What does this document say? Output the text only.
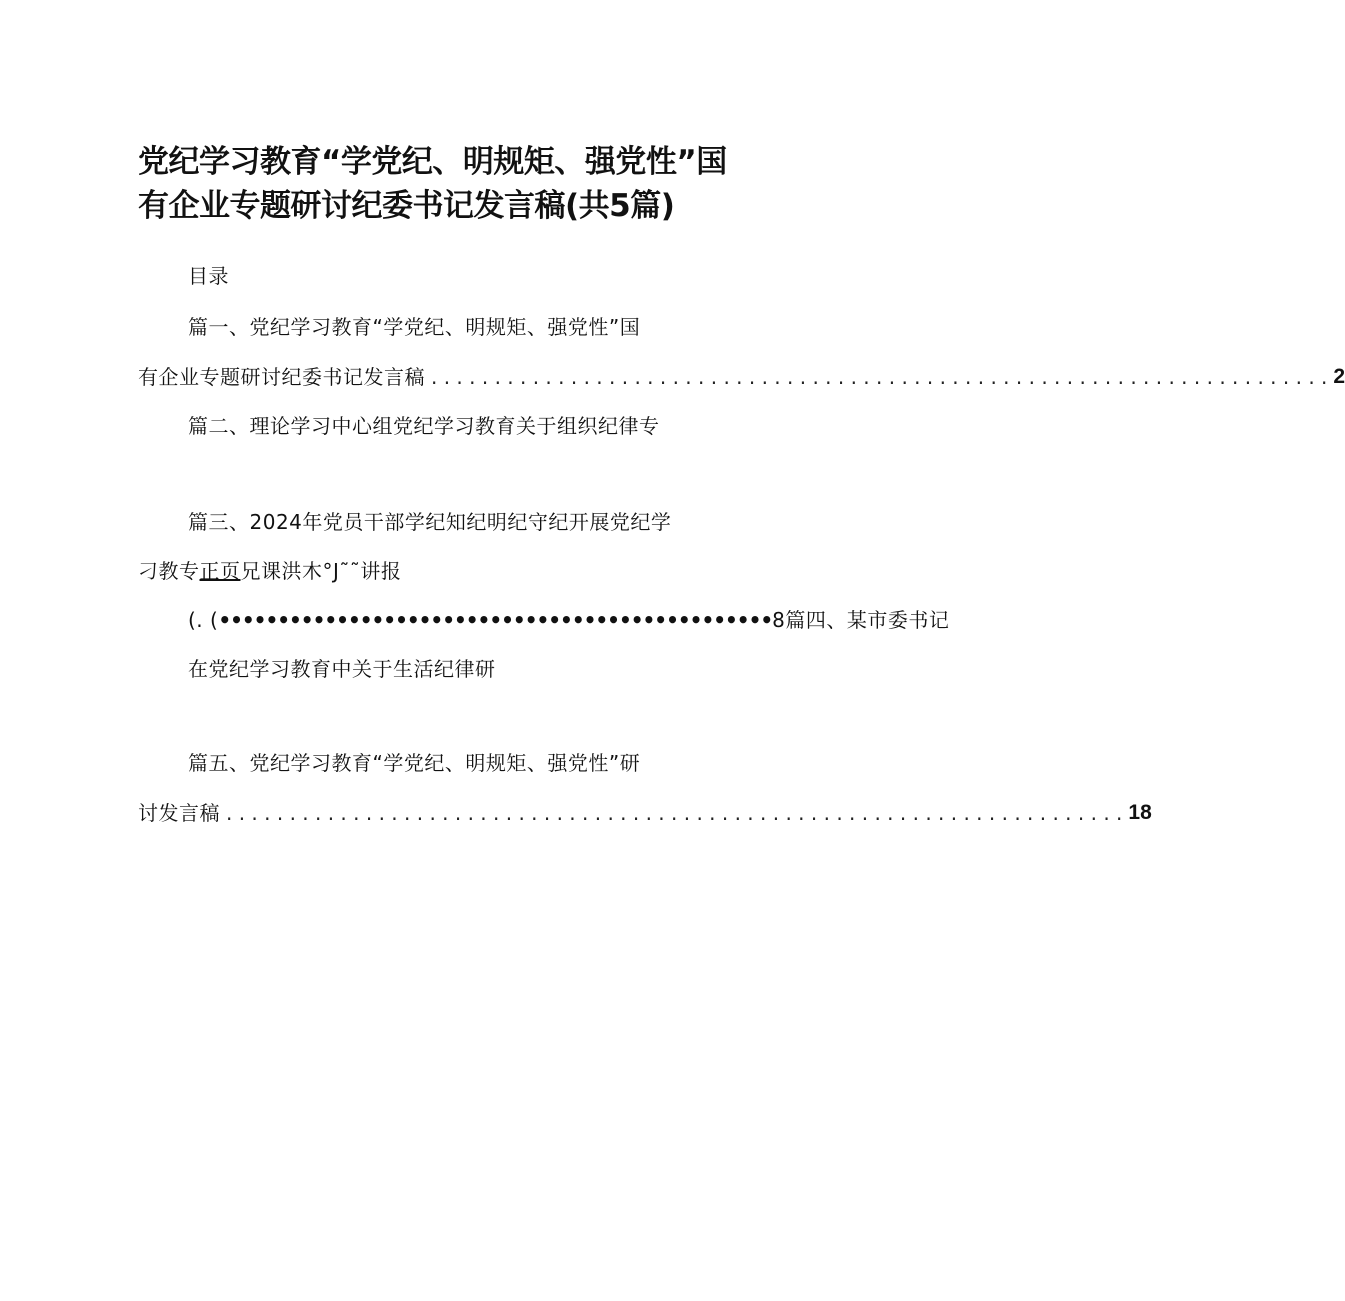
党纪学习教育“学党纪、明规矩、强党性”国
有企业专题研讨纪委书记发言稿(共5篇)
目录
篇一、党纪学习教育“学党纪、明规矩、强党性”国
有企业专题研讨纪委书记发言稿 . . .	2
篇二、理论学习中心组党纪学习教育关于组织纪律专
篇三、2024年党员干部学纪知纪明纪守纪开展党纪学
刁教专正页兄课洪木°J˜˜讲报
(. (•••••••••••••••••••••••••••••••••••••••••••••••8篇四、某市委书记
在党纪学习教育中关于生活纪律研
篇五、党纪学习教育“学党纪、明规矩、强党性”研
讨发言稿 . . .	18
